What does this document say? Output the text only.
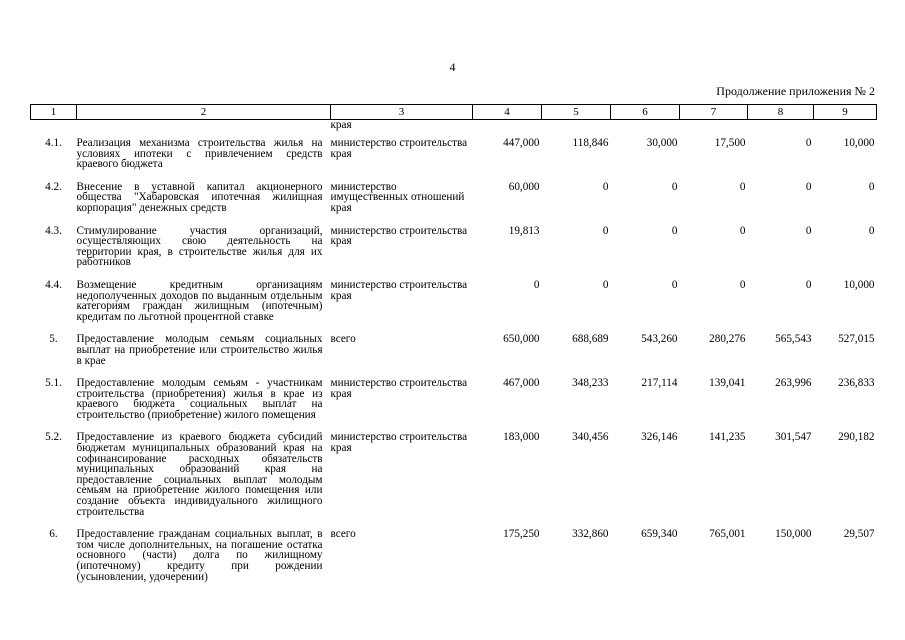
4
Продолжение приложения № 2
1	2	3	4	5	6	7	8	9
		края						
4.1.	Реализация механизма строительства жилья на условиях ипотеки с привлечением средств краевого бюджета	министерство строительства края	447,000	118,846	30,000	17,500	0	10,000
4.2.	Внесение в уставной капитал акционерного общества "Хабаровская ипотечная жилищная корпорация" денежных средств	министерство имущественных отношений края	60,000	0	0	0	0	0
4.3.	Стимулирование участия организаций, осуществляющих свою деятельность на территории края, в строительстве жилья для их работников	министерство строительства края	19,813	0	0	0	0	0
4.4.	Возмещение кредитным организациям недополученных доходов по выданным отдельным категориям граждан жилищным (ипотечным) кредитам по льготной процентной ставке	министерство строительства края	0	0	0	0	0	10,000
5.	Предоставление молодым семьям социальных выплат на приобретение или строительство жилья в крае	всего	650,000	688,689	543,260	280,276	565,543	527,015
5.1.	Предоставление молодым семьям - участникам строительства (приобретения) жилья в крае из краевого бюджета социальных выплат на строительство (приобретение) жилого помещения	министерство строительства края	467,000	348,233	217,114	139,041	263,996	236,833
5.2.	Предоставление из краевого бюджета субсидий бюджетам муниципальных образований края на софинансирование расходных обязательств муниципальных образований края на предоставление социальных выплат молодым семьям на приобретение жилого помещения или создание объекта индивидуального жилищного строительства	министерство строительства края	183,000	340,456	326,146	141,235	301,547	290,182
6.	Предоставление гражданам социальных выплат, в том числе дополнительных, на погашение остатка основного (части) долга по жилищному (ипотечному) кредиту при рождении (усыновлении, удочерении)	всего	175,250	332,860	659,340	765,001	150,000	29,507
